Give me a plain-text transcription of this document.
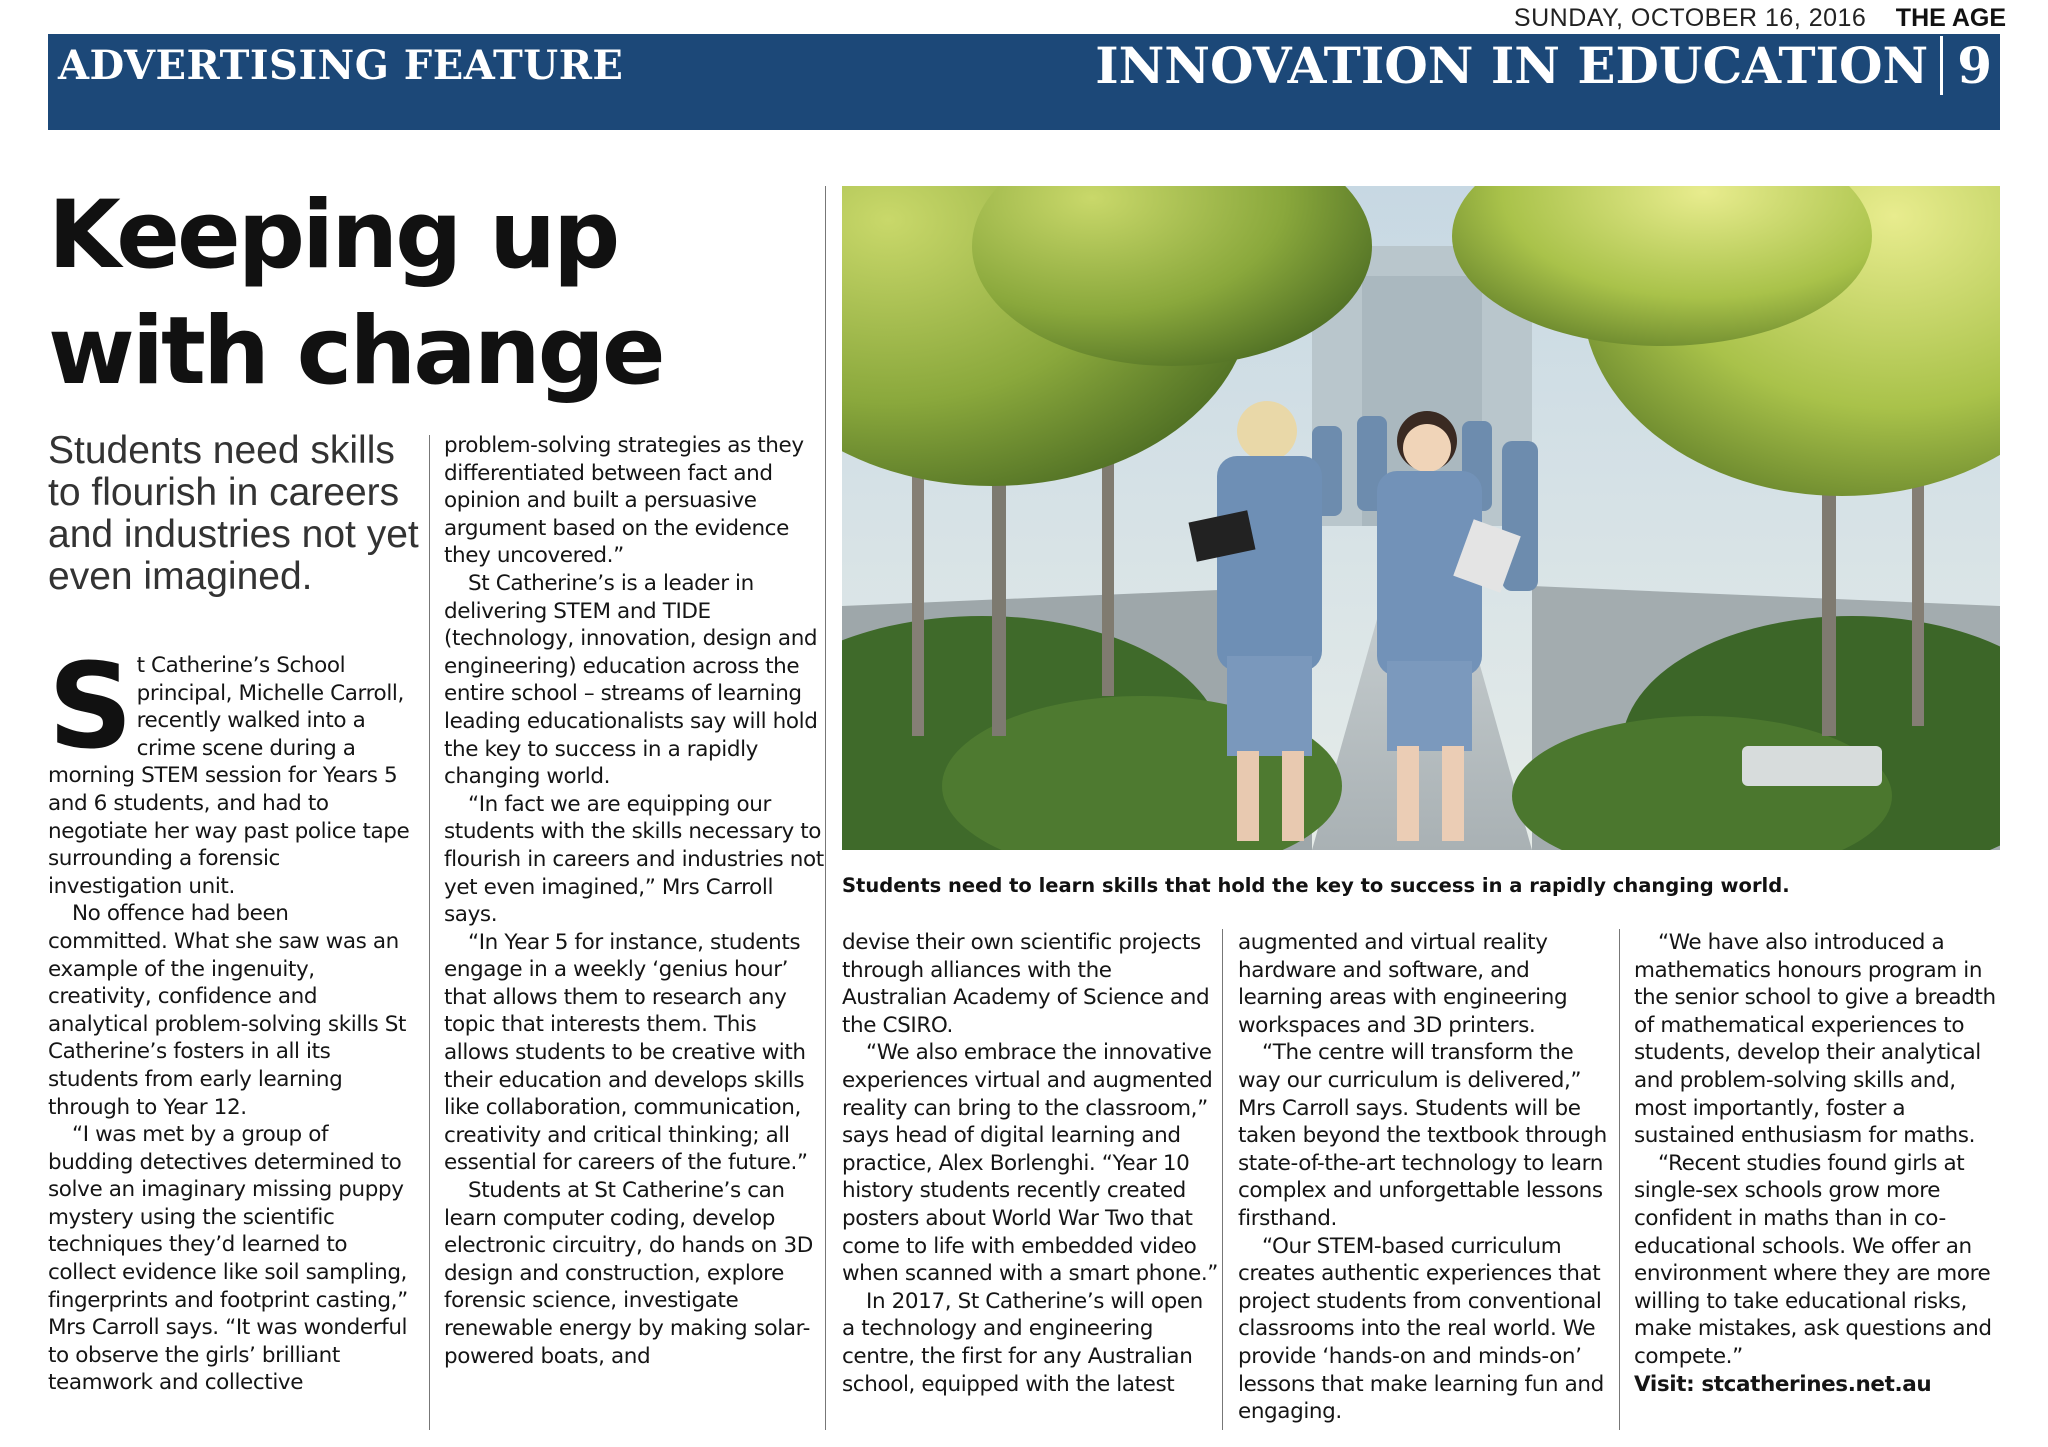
SUNDAY, OCTOBER 16, 2016 THE AGE
ADVERTISING FEATURE	INNOVATION IN EDUCATION 9
Keeping up
with change
Students need skills to flourish in careers and industries not yet even imagined.

St Catherine’s School principal, Michelle Carroll, recently walked into a crime scene during a morning STEM session for Years 5 and 6 students, and had to negotiate her way past police tape surrounding a forensic investigation unit.

No offence had been committed. What she saw was an example of the ingenuity, creativity, confidence and analytical problem-solving skills St Catherine’s fosters in all its students from early learning through to Year 12.

“I was met by a group of budding detectives determined to solve an imaginary missing puppy mystery using the scientific techniques they’d learned to collect evidence like soil sampling, fingerprints and footprint casting,” Mrs Carroll says. “It was wonderful to observe the girls’ brilliant teamwork and collective

problem-solving strategies as they differentiated between fact and opinion and built a persuasive argument based on the evidence they uncovered.”

St Catherine’s is a leader in delivering STEM and TIDE (technology, innovation, design and engineering) education across the entire school – streams of learning leading educationalists say will hold the key to success in a rapidly changing world.

“In fact we are equipping our students with the skills necessary to flourish in careers and industries not yet even imagined,” Mrs Carroll says.

“In Year 5 for instance, students engage in a weekly ‘genius hour’ that allows them to research any topic that interests them. This allows students to be creative with their education and develops skills like collaboration, communication, creativity and critical thinking; all essential for careers of the future.”

Students at St Catherine’s can learn computer coding, develop electronic circuitry, do hands on 3D design and construction, explore forensic science, investigate renewable energy by making solar-powered boats, and

Students need to learn skills that hold the key to success in a rapidly changing world.

devise their own scientific projects through alliances with the Australian Academy of Science and the CSIRO.

“We also embrace the innovative experiences virtual and augmented reality can bring to the classroom,” says head of digital learning and practice, Alex Borlenghi. “Year 10 history students recently created posters about World War Two that come to life with embedded video when scanned with a smart phone.”

In 2017, St Catherine’s will open a technology and engineering centre, the first for any Australian school, equipped with the latest

augmented and virtual reality hardware and software, and learning areas with engineering workspaces and 3D printers.

“The centre will transform the way our curriculum is delivered,” Mrs Carroll says. Students will be taken beyond the textbook through state-of-the-art technology to learn complex and unforgettable lessons firsthand.

“Our STEM-based curriculum creates authentic experiences that project students from conventional classrooms into the real world. We provide ‘hands-on and minds-on’ lessons that make learning fun and engaging.

“We have also introduced a mathematics honours program in the senior school to give a breadth of mathematical experiences to students, develop their analytical and problem-solving skills and, most importantly, foster a sustained enthusiasm for maths.

“Recent studies found girls at single-sex schools grow more confident in maths than in co-educational schools. We offer an environment where they are more willing to take educational risks, make mistakes, ask questions and compete.”

Visit: stcatherines.net.au
